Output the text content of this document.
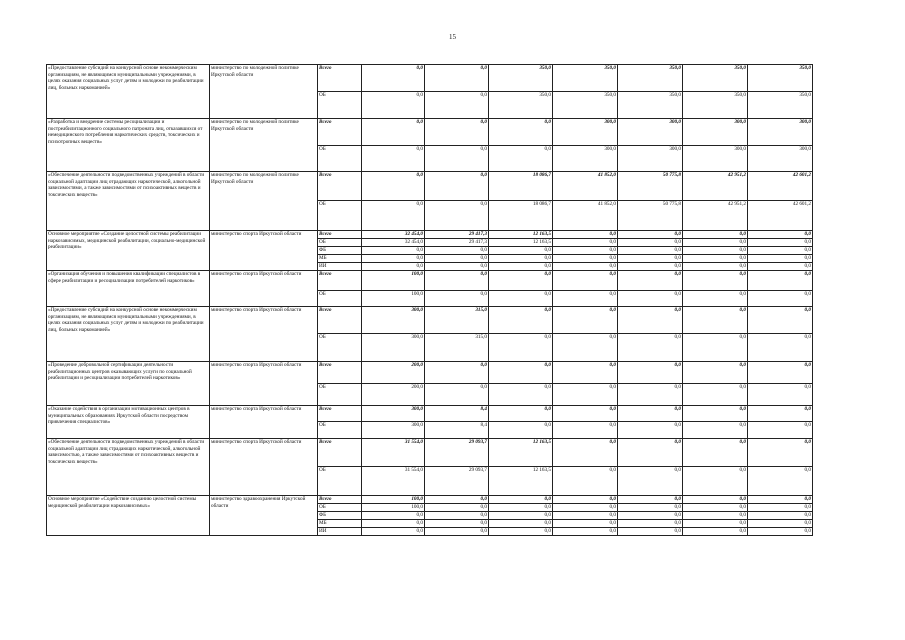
15
«Предоставление субсидий на конкурсной основе некоммерческим организациям, не являющимся муниципальными учреждениями, в целях оказания социальных услуг детям и молодежи по реабилитации лиц, больных наркоманией»	министерство по молодежной политике Иркутской области	Всего	0,0	0,0	350,0	350,0	350,0	350,0	350,0
		ОБ	0,0	0,0	350,0	350,0	350,0	350,0	350,0
«Разработка и внедрение системы ресоциализации и постреабилитационного социального патроната лиц, отказавшихся от немедицинского потребления наркотических средств, токсических и психотропных веществ»	министерство по молодежной политике Иркутской области	Всего	0,0	0,0	0,0	300,0	300,0	300,0	300,0
		ОБ	0,0	0,0	0,0	300,0	300,0	300,0	300,0
«Обеспечение деятельности подведомственных учреждений в области социальной адаптации лиц отрадающих наркотической, алкогольной зависимостями, а также зависимостями от психоактивных веществ и токсических веществ»	министерство по молодежной политике Иркутской области	Всего	0,0	0,0	18 086,7	41 852,0	50 775,8	42 951,2	42 601,2
		ОБ	0,0	0,0	18 086,7	41 852,0	50 775,8	42 951,2	42 601,2
Основное мероприятие «Создание целостной системы реабилитации наркозависимых, медицинской реабилитации, социально-медицинской реабилитации»	министерство спорта Иркутской области	Всего	32 454,0	29 417,3	12 163,5	0,0	0,0	0,0	0,0
		ОБ	32 454,0	29 417,3	12 163,5	0,0	0,0	0,0	0,0
		ФБ	0,0	0,0	0,0	0,0	0,0	0,0	0,0
		МБ	0,0	0,0	0,0	0,0	0,0	0,0	0,0
		ИИ	0,0	0,0	0,0	0,0	0,0	0,0	0,0
«Организация обучения и повышения квалификации специалистов в сфере реабилитации и ресоциализации потребителей наркотиков»	министерство спорта Иркутской области	Всего	100,0	0,0	0,0	0,0	0,0	0,0	0,0
		ОБ	100,0	0,0	0,0	0,0	0,0	0,0	0,0
«Предоставление субсидий на конкурсной основе некоммерческим организациям, не являющимся муниципальными учреждениями, в целях оказания социальных услуг детям и молодежи по реабилитации лиц, больных наркоманией»	министерство спорта Иркутской области	Всего	300,0	315,0	0,0	0,0	0,0	0,0	0,0
		ОБ	300,0	315,0	0,0	0,0	0,0	0,0	0,0
«Проведение добровольной сертификации деятельности реабилитационных центров оказывающих услуги по социальной реабилитации и ресоциализации потребителей наркотиков»	министерство спорта Иркутской области	Всего	200,0	0,0	0,0	0,0	0,0	0,0	0,0
		ОБ	200,0	0,0	0,0	0,0	0,0	0,0	0,0
«Оказание содействия в организации мотивационных центров в муниципальных образованиях Иркутской области посредством привлечения специалистов»	министерство спорта Иркутской области	Всего	300,0	8,4	0,0	0,0	0,0	0,0	0,0
		ОБ	300,0	8,4	0,0	0,0	0,0	0,0	0,0
«Обеспечение деятельности подведомственных учреждений в области социальной адаптации лиц страдающих наркотической, алкогольной зависимостью, а также зависимостями от психоактивных веществ и токсических веществ»	министерство спорта Иркутской области	Всего	31 554,0	29 093,7	12 163,5	0,0	0,0	0,0	0,0
		ОБ	31 554,0	29 093,7	12 163,5	0,0	0,0	0,0	0,0
Основное мероприятие «Содействие созданию целостной системы медицинской реабилитации наркозависимых»	министерство здравоохранения Иркутской области	Всего	100,0	0,0	0,0	0,0	0,0	0,0	0,0
		ОБ	100,0	0,0	0,0	0,0	0,0	0,0	0,0
		ФБ	0,0	0,0	0,0	0,0	0,0	0,0	0,0
		МБ	0,0	0,0	0,0	0,0	0,0	0,0	0,0
		ИИ	0,0	0,0	0,0	0,0	0,0	0,0	0,0
